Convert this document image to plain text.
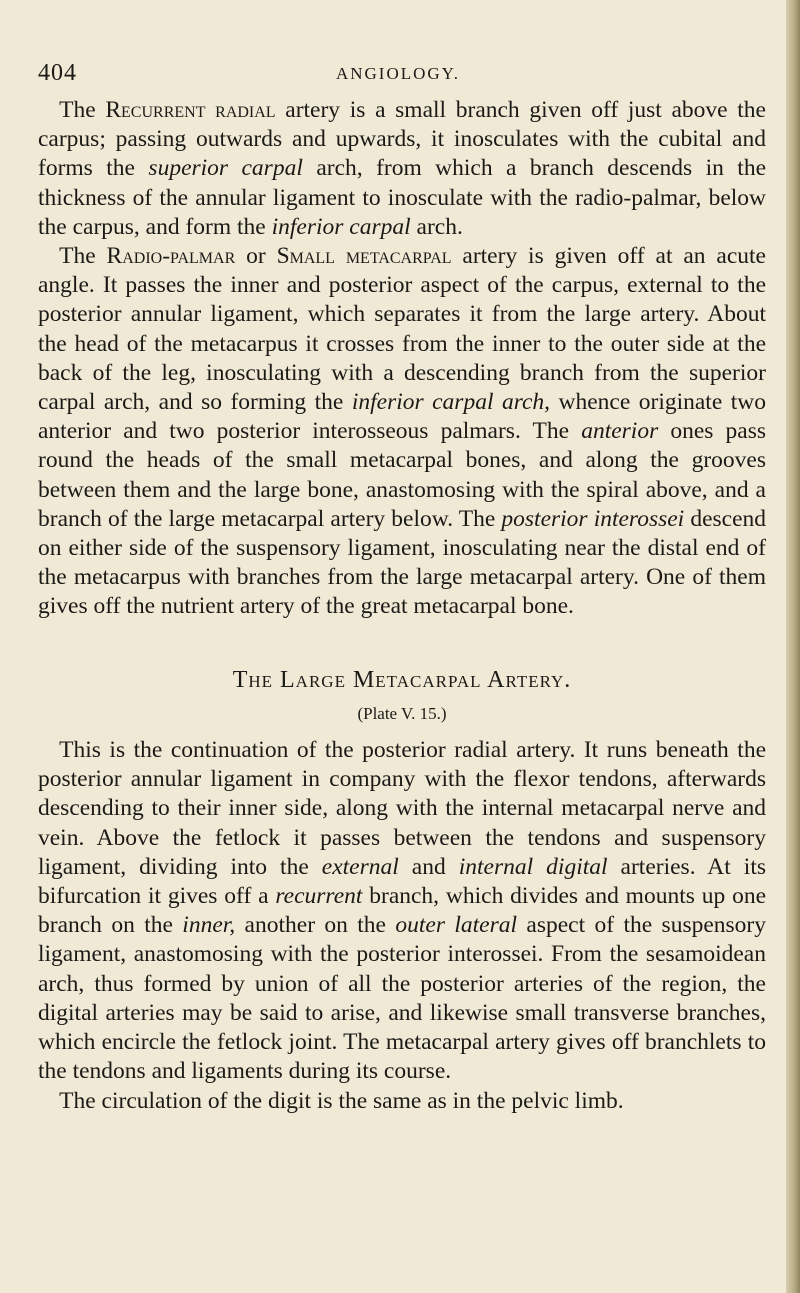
404	ANGIOLOGY.

The Recurrent radial artery is a small branch given off just above the carpus; passing outwards and upwards, it inosculates with the cubital and forms the superior carpal arch, from which a branch descends in the thickness of the annular ligament to inosculate with the radio-palmar, below the carpus, and form the inferior carpal arch.

The Radio-palmar or Small metacarpal artery is given off at an acute angle. It passes the inner and posterior aspect of the carpus, external to the posterior annular ligament, which separates it from the large artery. About the head of the metacarpus it crosses from the inner to the outer side at the back of the leg, inosculating with a descending branch from the superior carpal arch, and so forming the inferior carpal arch, whence originate two anterior and two posterior interosseous palmars. The anterior ones pass round the heads of the small metacarpal bones, and along the grooves between them and the large bone, anastomosing with the spiral above, and a branch of the large metacarpal artery below. The posterior interossei descend on either side of the suspensory ligament, inosculating near the distal end of the metacarpus with branches from the large metacarpal artery. One of them gives off the nutrient artery of the great metacarpal bone.

The Large Metacarpal Artery.
(Plate V. 15.)

This is the continuation of the posterior radial artery. It runs beneath the posterior annular ligament in company with the flexor tendons, afterwards descending to their inner side, along with the internal metacarpal nerve and vein. Above the fetlock it passes between the tendons and suspensory ligament, dividing into the external and internal digital arteries. At its bifurcation it gives off a recurrent branch, which divides and mounts up one branch on the inner, another on the outer lateral aspect of the suspensory ligament, anastomosing with the posterior interossei. From the sesamoidean arch, thus formed by union of all the posterior arteries of the region, the digital arteries may be said to arise, and likewise small transverse branches, which encircle the fetlock joint. The metacarpal artery gives off branchlets to the tendons and ligaments during its course.

The circulation of the digit is the same as in the pelvic limb.
